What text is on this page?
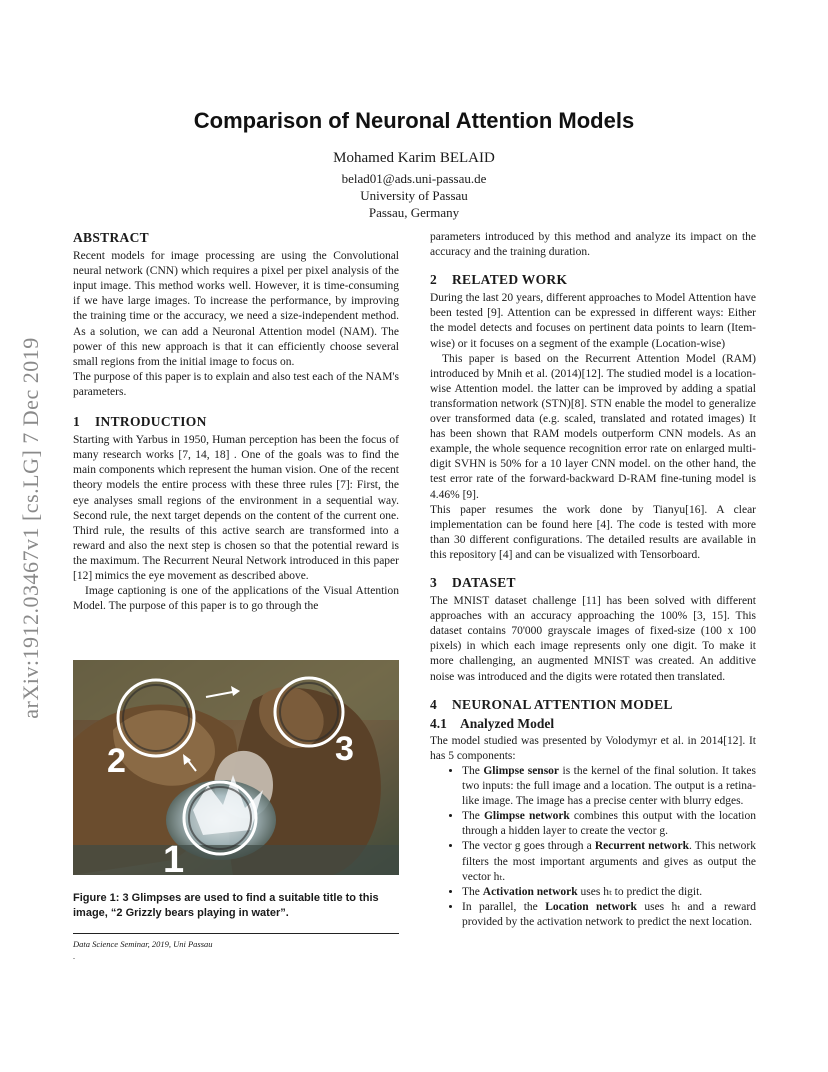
Comparison of Neuronal Attention Models
Mohamed Karim BELAID
belad01@ads.uni-passau.de
University of Passau
Passau, Germany
arXiv:1912.03467v1 [cs.LG] 7 Dec 2019
ABSTRACT

Recent models for image processing are using the Convolutional neural network (CNN) which requires a pixel per pixel analysis of the input image. This method works well. However, it is time-consuming if we have large images. To increase the performance, by improving the training time or the accuracy, we need a size-independent method. As a solution, we can add a Neuronal Attention model (NAM). The power of this new approach is that it can efficiently choose several small regions from the initial image to focus on.

The purpose of this paper is to explain and also test each of the NAM's parameters.

1 INTRODUCTION

Starting with Yarbus in 1950, Human perception has been the focus of many research works [7, 14, 18] . One of the goals was to find the main components which represent the human vision. One of the recent theory models the entire process with these three rules [7]: First, the eye analyses small regions of the environment in a sequential way. Second rule, the next target depends on the content of the current one. Third rule, the results of this active search are transformed into a reward and also the next step is chosen so that the potential reward is the maximum. The Recurrent Neural Network introduced in this paper [12] mimics the eye movement as described above.

Image captioning is one of the applications of the Visual Attention Model. The purpose of this paper is to go through the

2	3
1
Figure 1: 3 Glimpses are used to find a suitable title to this image, “2 Grizzly bears playing in water”.
Data Science Seminar, 2019, Uni Passau
.

parameters introduced by this method and analyze its impact on the accuracy and the training duration.

2 RELATED WORK

During the last 20 years, different approaches to Model Attention have been tested [9]. Attention can be expressed in different ways: Either the model detects and focuses on pertinent data points to learn (Item-wise) or it focuses on a segment of the example (Location-wise)

This paper is based on the Recurrent Attention Model (RAM) introduced by Mnih et al. (2014)[12]. The studied model is a location-wise Attention model. the latter can be improved by adding a spatial transformation network (STN)[8]. STN enable the model to generalize over transformed data (e.g. scaled, translated and rotated images) It has been shown that RAM models outperform CNN models. As an example, the whole sequence recognition error rate on enlarged multi-digit SVHN is 50% for a 10 layer CNN model. on the other hand, the test error rate of the forward-backward D-RAM fine-tuning model is 4.46% [9].

This paper resumes the work done by Tianyu[16]. A clear implementation can be found here [4]. The code is tested with more than 30 different configurations. The detailed results are available in this repository [4] and can be visualized with Tensorboard.

3 DATASET

The MNIST dataset challenge [11] has been solved with different approaches with an accuracy approaching the 100% [3, 15]. This dataset contains 70'000 grayscale images of fixed-size (100 x 100 pixels) in which each image represents only one digit. To make it more challenging, an augmented MNIST was created. An additive noise was introduced and the digits were rotated then translated.

4 NEURONAL ATTENTION MODEL
4.1 Analyzed Model

The model studied was presented by Volodymyr et al. in 2014[12]. It has 5 components:

• The Glimpse sensor is the kernel of the final solution. It takes two inputs: the full image and a location. The output is a retina-like image. The image has a precise center with blurry edges.
• The Glimpse network combines this output with the location through a hidden layer to create the vector g.
• The vector g goes through a Recurrent network. This network filters the most important arguments and gives as output the vector hₜ.
• The Activation network uses hₜ to predict the digit.
• In parallel, the Location network uses hₜ and a reward provided by the activation network to predict the next location.
